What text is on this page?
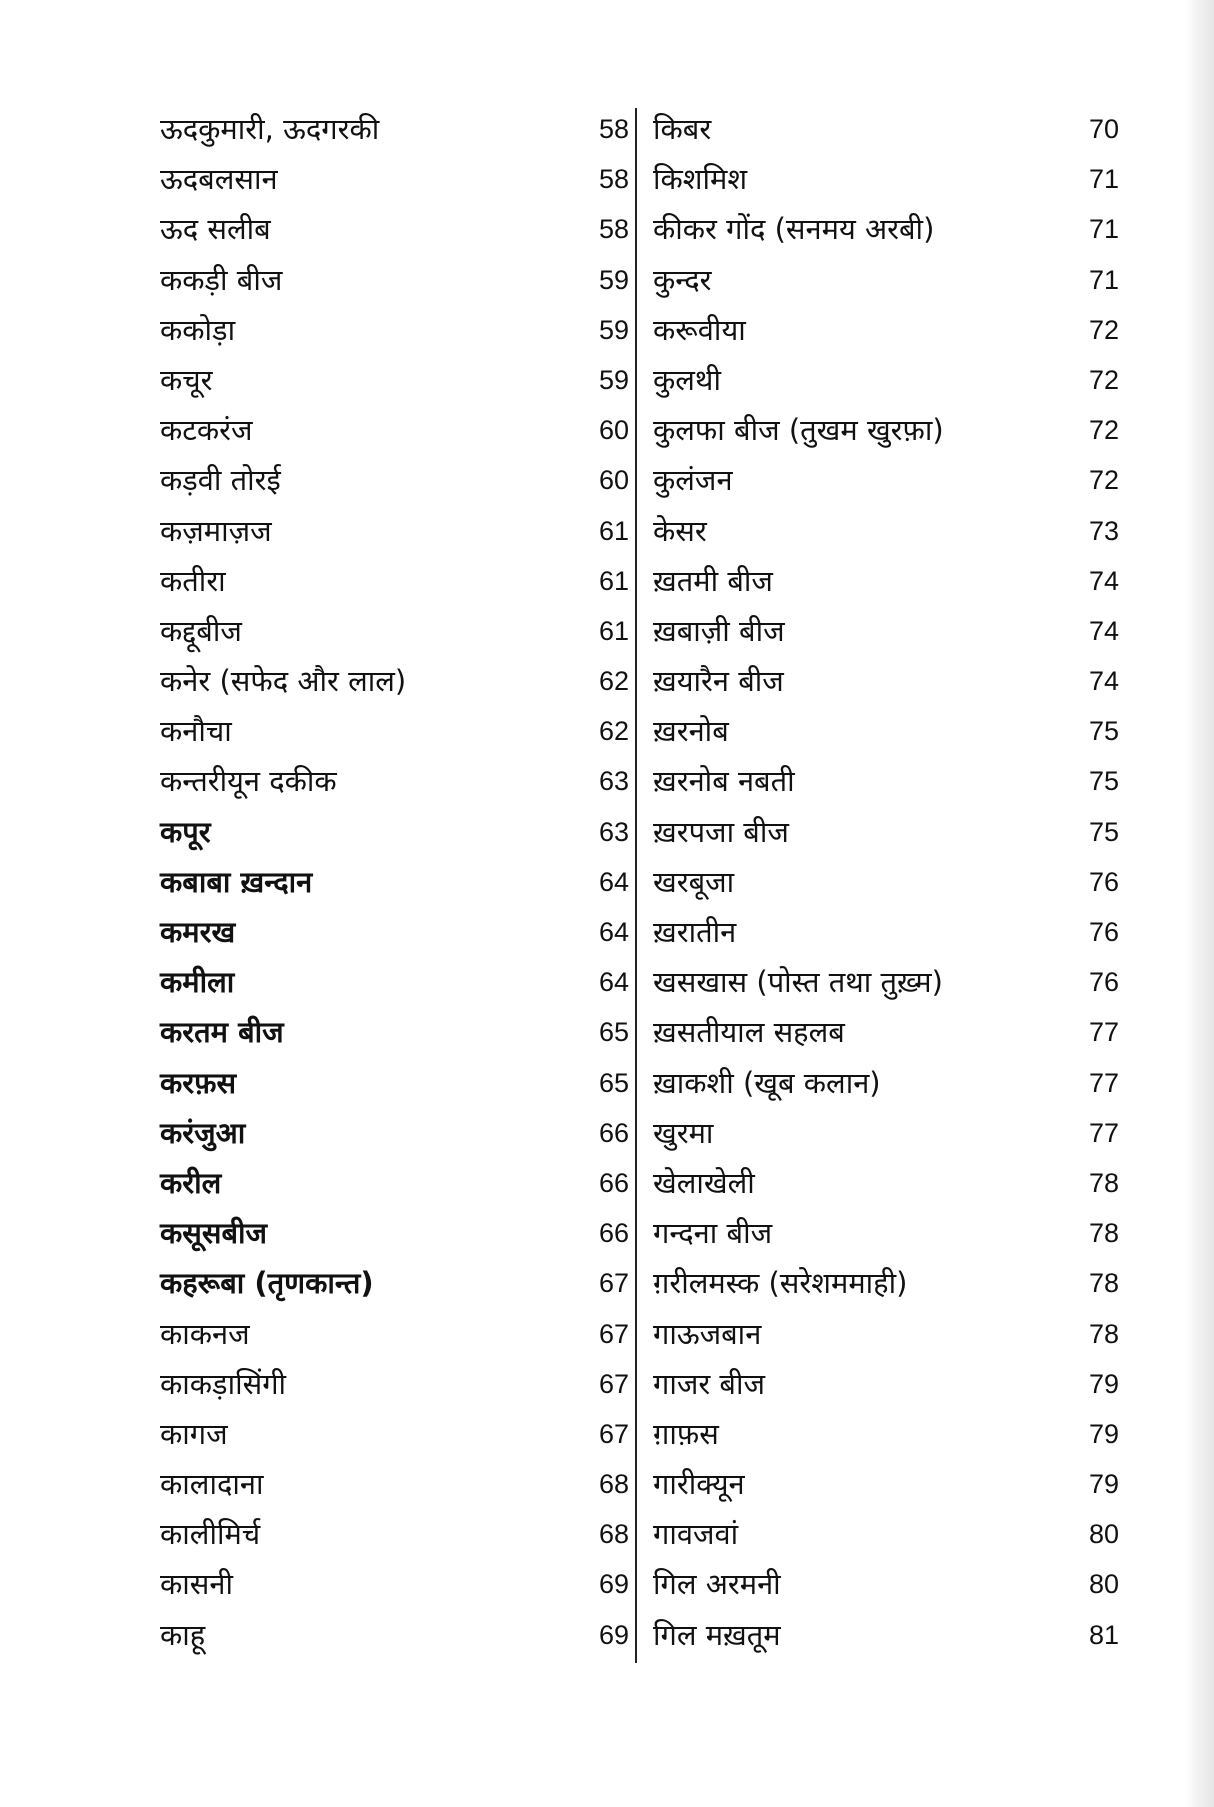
ऊदकुमारी, ऊदगरकी	58 किबर	70
ऊदबलसान	58 किशमिश	71
ऊद सलीब	58 कीकर गोंद (सनमय अरबी)	71
ककड़ी बीज	59 कुन्दर	71
ककोड़ा	59 करूवीया	72
कचूर	59 कुलथी	72
कटकरंज	60 कुलफा बीज (तुखम खुरफ़ा)	72
कड़वी तोरई	60 कुलंजन	72
कज़माज़ज	61 केसर	73
कतीरा	61 ख़तमी बीज	74
कद्दूबीज	61 ख़बाज़ी बीज	74
कनेर (सफेद और लाल)	62 ख़यारैन बीज	74
कनौचा	62 ख़रनोब	75
कन्तरीयून दकीक	63 ख़रनोब नबती	75
कपूर	63 ख़रपजा बीज	75
कबाबा ख़न्दान	64 खरबूजा	76
कमरख	64 ख़रातीन	76
कमीला	64 खसखास (पोस्त तथा तुख़्म)	76
करतम बीज	65 ख़सतीयाल सहलब	77
करफ़स	65 ख़ाकशी (खूब कलान)	77
करंजुआ	66 खुरमा	77
करील	66 खेलाखेली	78
कसूसबीज	66 गन्दना बीज	78
कहरूबा (तृणकान्त)	67 ग़रीलमस्क (सरेशममाही)	78
काकनज	67 गाऊजबान	78
काकड़ासिंगी	67 गाजर बीज	79
कागज	67 ग़ाफ़स	79
कालादाना	68 गारीक्यून	79
कालीमिर्च	68 गावजवां	80
कासनी	69 गिल अरमनी	80
काहू	69 गिल मख़तूम	81
